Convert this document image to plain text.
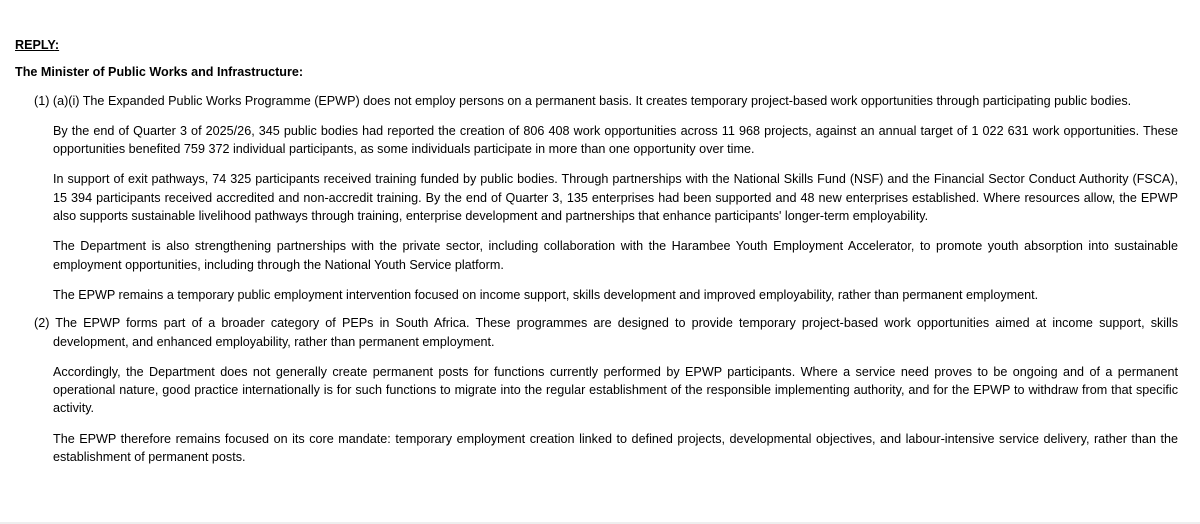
REPLY:

The Minister of Public Works and Infrastructure:

(1) (a)(i) The Expanded Public Works Programme (EPWP) does not employ persons on a permanent basis. It creates temporary project-based work opportunities through participating public bodies.

By the end of Quarter 3 of 2025/26, 345 public bodies had reported the creation of 806 408 work opportunities across 11 968 projects, against an annual target of 1 022 631 work opportunities. These opportunities benefited 759 372 individual participants, as some individuals participate in more than one opportunity over time.

In support of exit pathways, 74 325 participants received training funded by public bodies. Through partnerships with the National Skills Fund (NSF) and the Financial Sector Conduct Authority (FSCA), 15 394 participants received accredited and non-accredit training. By the end of Quarter 3, 135 enterprises had been supported and 48 new enterprises established. Where resources allow, the EPWP also supports sustainable livelihood pathways through training, enterprise development and partnerships that enhance participants' longer-term employability.

The Department is also strengthening partnerships with the private sector, including collaboration with the Harambee Youth Employment Accelerator, to promote youth absorption into sustainable employment opportunities, including through the National Youth Service platform.

The EPWP remains a temporary public employment intervention focused on income support, skills development and improved employability, rather than permanent employment.

(2) The EPWP forms part of a broader category of PEPs in South Africa. These programmes are designed to provide temporary project-based work opportunities aimed at income support, skills development, and enhanced employability, rather than permanent employment.

Accordingly, the Department does not generally create permanent posts for functions currently performed by EPWP participants. Where a service need proves to be ongoing and of a permanent operational nature, good practice internationally is for such functions to migrate into the regular establishment of the responsible implementing authority, and for the EPWP to withdraw from that specific activity.

The EPWP therefore remains focused on its core mandate: temporary employment creation linked to defined projects, developmental objectives, and labour-intensive service delivery, rather than the establishment of permanent posts.
